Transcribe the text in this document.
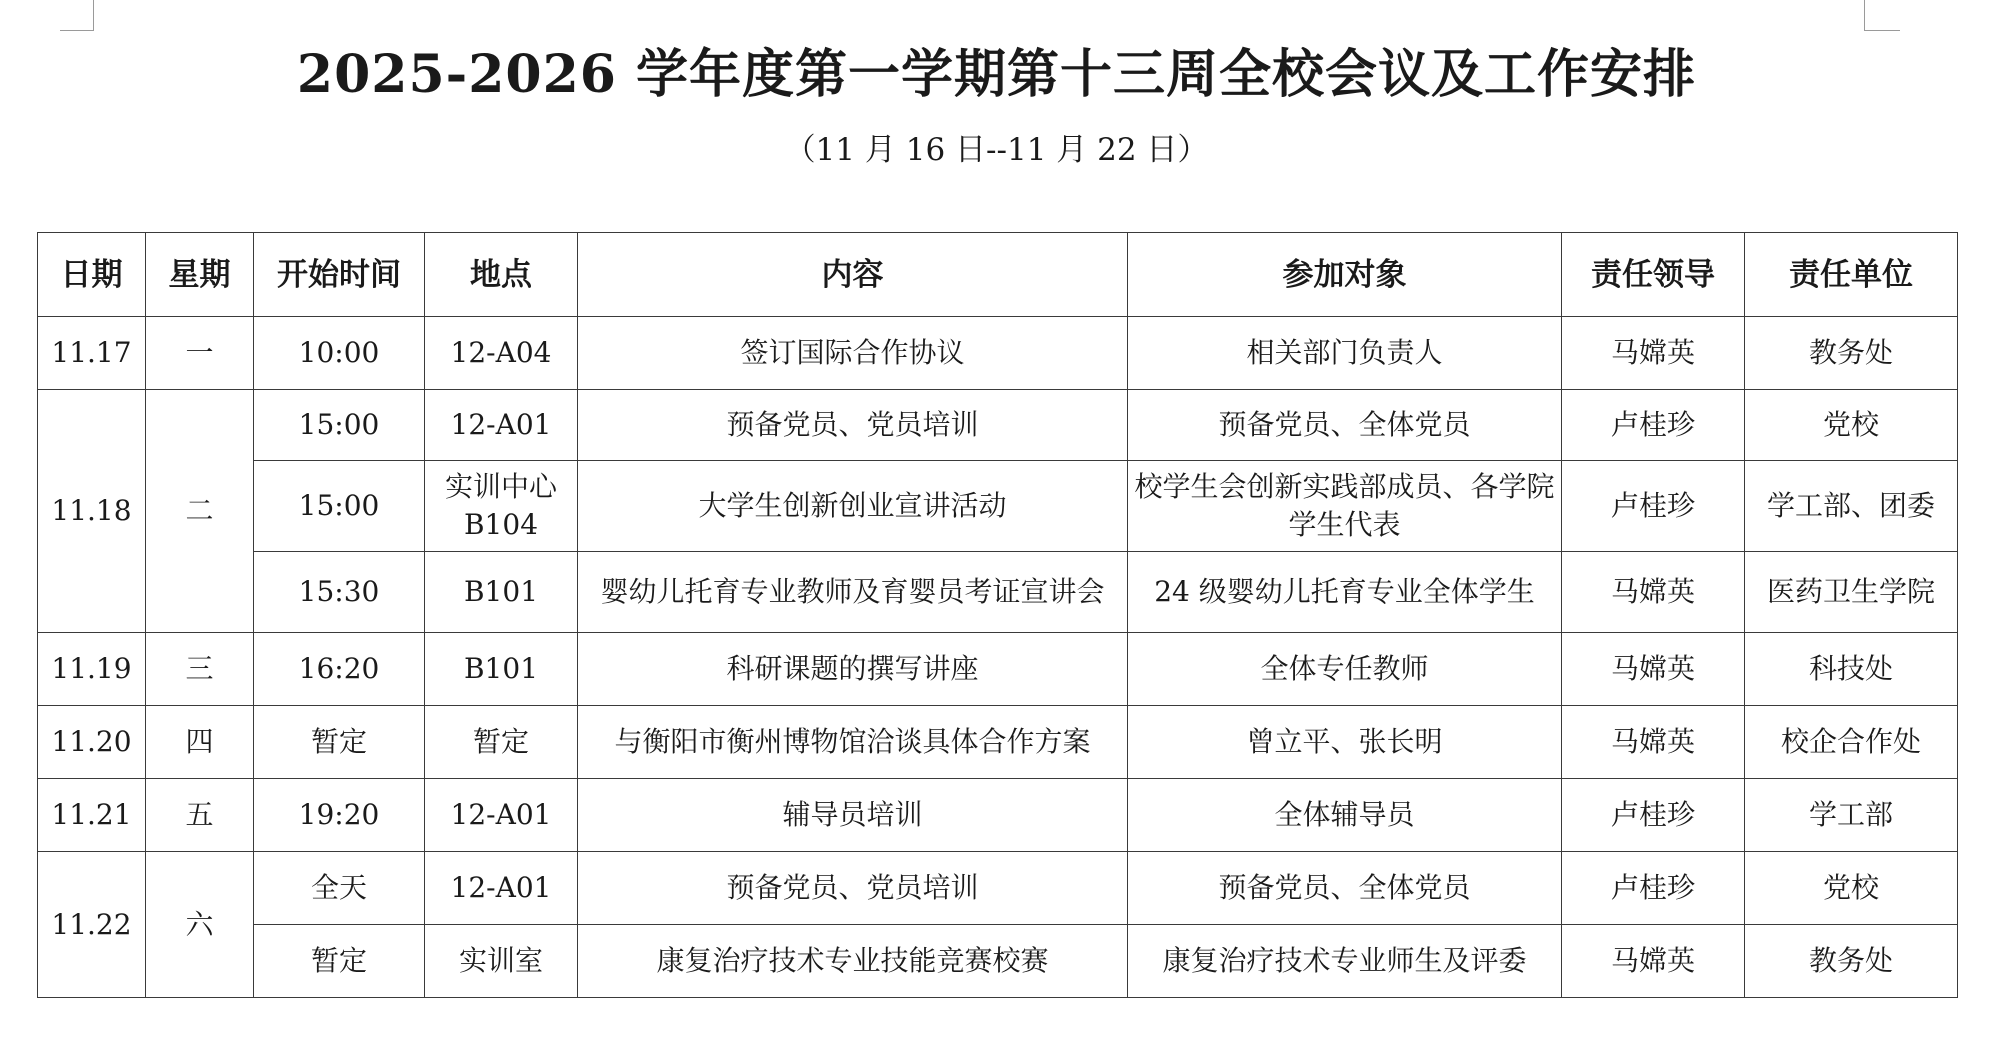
2025-2026 学年度第一学期第十三周全校会议及工作安排
（11 月 16 日--11 月 22 日）
日期	星期	开始时间	地点	内容	参加对象	责任领导	责任单位
11.17	一	10:00	12-A04	签订国际合作协议	相关部门负责人	马嫦英	教务处
11.18	二	15:00	12-A01	预备党员、党员培训	预备党员、全体党员	卢桂珍	党校
		15:00	实训中心B104	大学生创新创业宣讲活动	校学生会创新实践部成员、各学院学生代表	卢桂珍	学工部、团委
		15:30	B101	婴幼儿托育专业教师及育婴员考证宣讲会	24 级婴幼儿托育专业全体学生	马嫦英	医药卫生学院
11.19	三	16:20	B101	科研课题的撰写讲座	全体专任教师	马嫦英	科技处
11.20	四	暂定	暂定	与衡阳市衡州博物馆洽谈具体合作方案	曾立平、张长明	马嫦英	校企合作处
11.21	五	19:20	12-A01	辅导员培训	全体辅导员	卢桂珍	学工部
11.22	六	全天	12-A01	预备党员、党员培训	预备党员、全体党员	卢桂珍	党校
		暂定	实训室	康复治疗技术专业技能竞赛校赛	康复治疗技术专业师生及评委	马嫦英	教务处
